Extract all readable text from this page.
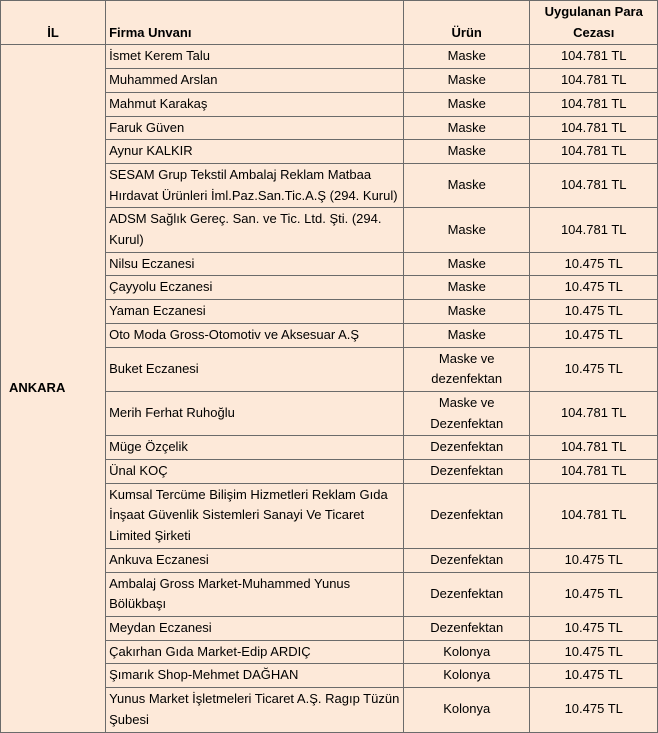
İL	Firma Unvanı	Ürün	Uygulanan Para Cezası
ANKARA	İsmet Kerem Talu	Maske	104.781 TL
	Muhammed Arslan	Maske	104.781 TL
	Mahmut Karakaş	Maske	104.781 TL
	Faruk Güven	Maske	104.781 TL
	Aynur KALKIR	Maske	104.781 TL
	SESAM Grup Tekstil Ambalaj Reklam Matbaa Hırdavat Ürünleri İml.Paz.San.Tic.A.Ş (294. Kurul)	Maske	104.781 TL
	ADSM Sağlık Gereç. San. ve Tic. Ltd. Şti. (294. Kurul)	Maske	104.781 TL
	Nilsu Eczanesi	Maske	10.475 TL
	Çayyolu Eczanesi	Maske	10.475 TL
	Yaman Eczanesi	Maske	10.475 TL
	Oto Moda Gross-Otomotiv ve Aksesuar A.Ş	Maske	10.475 TL
	Buket Eczanesi	Maske ve dezenfektan	10.475 TL
	Merih Ferhat Ruhoğlu	Maske ve Dezenfektan	104.781 TL
	Müge Özçelik	Dezenfektan	104.781 TL
	Ünal KOÇ	Dezenfektan	104.781 TL
	Kumsal Tercüme Bilişim Hizmetleri Reklam Gıda İnşaat Güvenlik Sistemleri Sanayi Ve Ticaret Limited Şirketi	Dezenfektan	104.781 TL
	Ankuva Eczanesi	Dezenfektan	10.475 TL
	Ambalaj Gross Market-Muhammed Yunus Bölükbaşı	Dezenfektan	10.475 TL
	Meydan Eczanesi	Dezenfektan	10.475 TL
	Çakırhan Gıda Market-Edip ARDIÇ	Kolonya	10.475 TL
	Şımarık Shop-Mehmet DAĞHAN	Kolonya	10.475 TL
	Yunus Market İşletmeleri Ticaret A.Ş. Ragıp Tüzün Şubesi	Kolonya	10.475 TL
